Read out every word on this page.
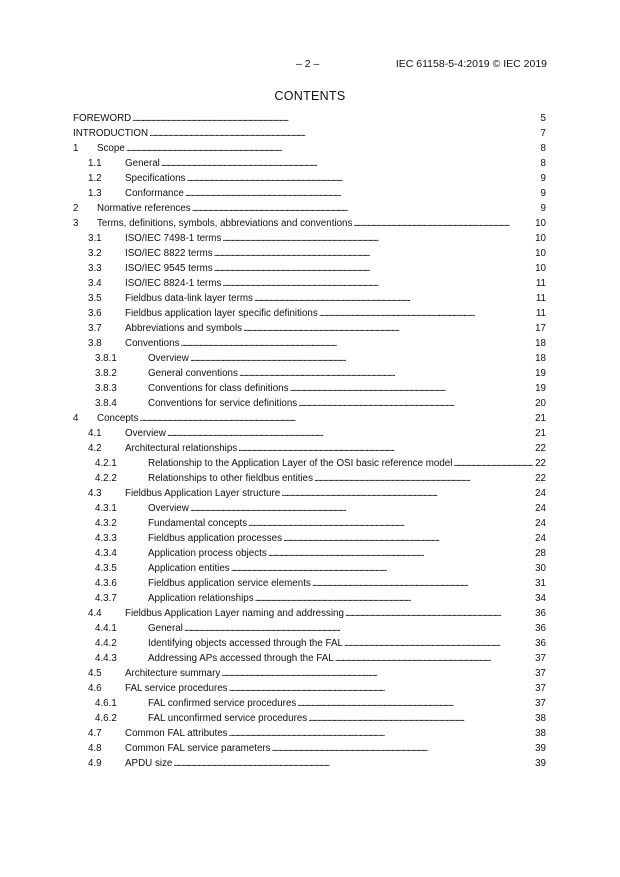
– 2 –	IEC 61158-5-4:2019 © IEC 2019
CONTENTS
FOREWORD . . .	5
INTRODUCTION . . .	7
1	Scope . . .	8
1.1	General . . .	8
1.2	Specifications . . .	9
1.3	Conformance . . .	9
2	Normative references . . .	9
3	Terms, definitions, symbols, abbreviations and conventions . . .	10
3.1	ISO/IEC 7498-1 terms . . .	10
3.2	ISO/IEC 8822 terms . . .	10
3.3	ISO/IEC 9545 terms . . .	10
3.4	ISO/IEC 8824-1 terms . . .	11
3.5	Fieldbus data-link layer terms . . .	11
3.6	Fieldbus application layer specific definitions . . .	11
3.7	Abbreviations and symbols . . .	17
3.8	Conventions . . .	18
3.8.1	Overview . . .	18
3.8.2	General conventions . . .	19
3.8.3	Conventions for class definitions . . .	19
3.8.4	Conventions for service definitions . . .	20
4	Concepts . . .	21
4.1	Overview . . .	21
4.2	Architectural relationships . . .	22
4.2.1	Relationship to the Application Layer of the OSI basic reference model . . .	22
4.2.2	Relationships to other fieldbus entities . . .	22
4.3	Fieldbus Application Layer structure . . .	24
4.3.1	Overview . . .	24
4.3.2	Fundamental concepts . . .	24
4.3.3	Fieldbus application processes . . .	24
4.3.4	Application process objects . . .	28
4.3.5	Application entities . . .	30
4.3.6	Fieldbus application service elements . . .	31
4.3.7	Application relationships . . .	34
4.4	Fieldbus Application Layer naming and addressing . . .	36
4.4.1	General . . .	36
4.4.2	Identifying objects accessed through the FAL . . .	36
4.4.3	Addressing APs accessed through the FAL . . .	37
4.5	Architecture summary . . .	37
4.6	FAL service procedures . . .	37
4.6.1	FAL confirmed service procedures . . .	37
4.6.2	FAL unconfirmed service procedures . . .	38
4.7	Common FAL attributes . . .	38
4.8	Common FAL service parameters . . .	39
4.9	APDU size . . .	39
